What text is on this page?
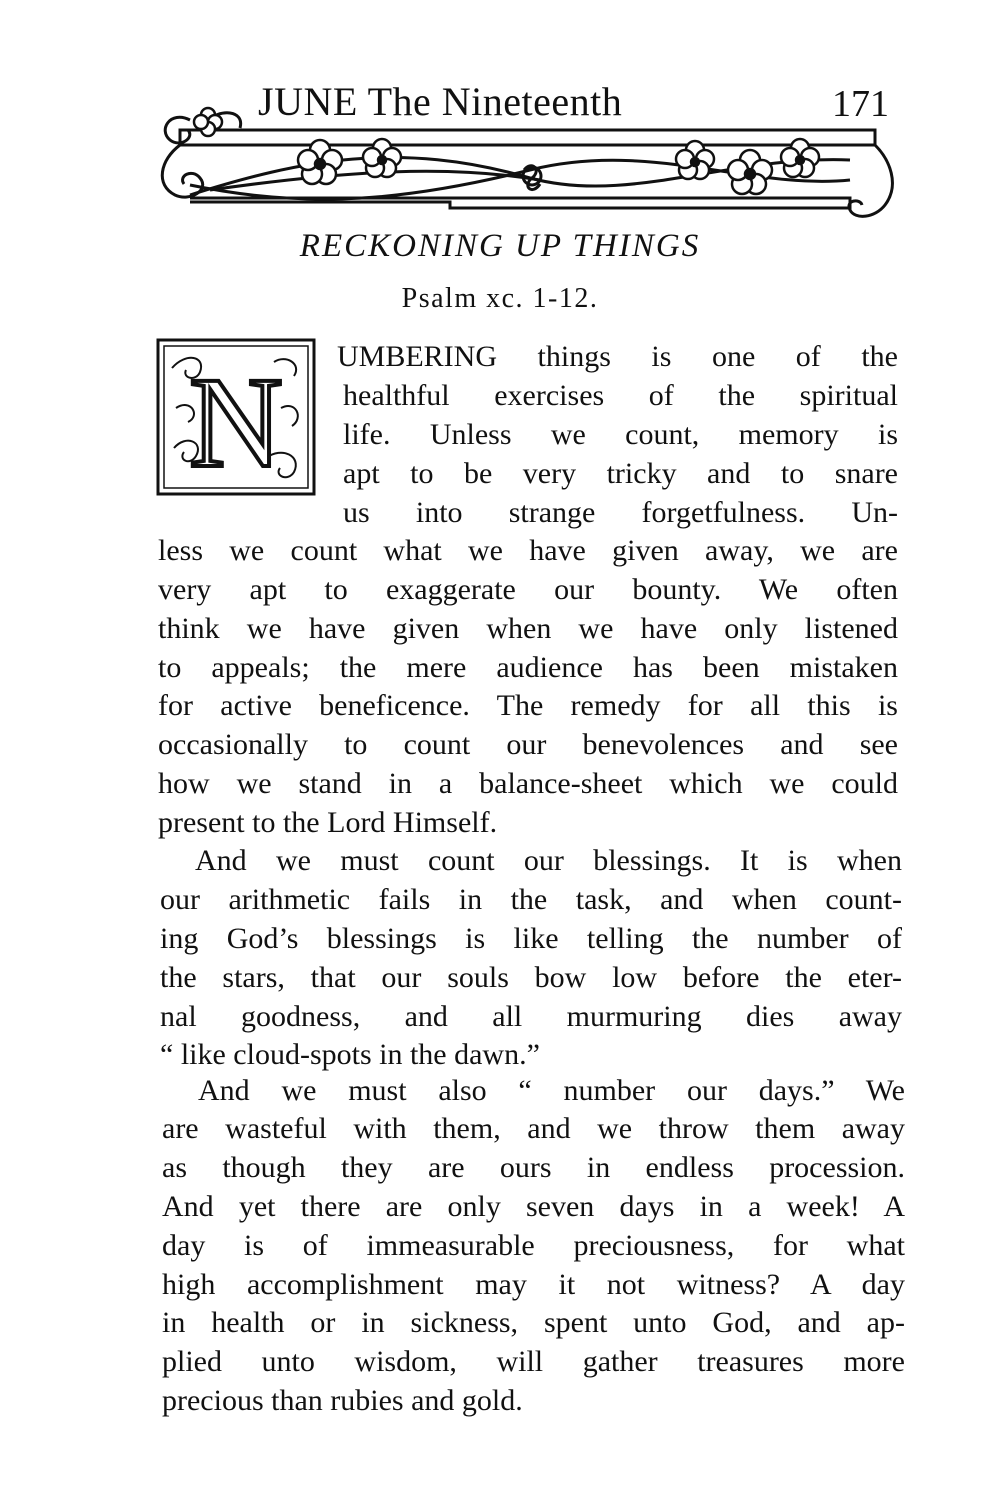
JUNE The Nineteenth	171
RECKONING UP THINGS
Psalm xc. 1-12.
N UMBERING things is one of the
healthful exercises of the spiritual
life. Unless we count, memory is
apt to be very tricky and to snare
us into strange forgetfulness. Un-
less we count what we have given away, we are
very apt to exaggerate our bounty. We often
think we have given when we have only listened
to appeals; the mere audience has been mistaken
for active beneficence. The remedy for all this is
occasionally to count our benevolences and see
how we stand in a balance-sheet which we could
present to the Lord Himself.
And we must count our blessings. It is when
our arithmetic fails in the task, and when count-
ing God’s blessings is like telling the number of
the stars, that our souls bow low before the eter-
nal goodness, and all murmuring dies away
“ like cloud-spots in the dawn.”
And we must also “ number our days.” We
are wasteful with them, and we throw them away
as though they are ours in endless procession.
And yet there are only seven days in a week! A
day is of immeasurable preciousness, for what
high accomplishment may it not witness? A day
in health or in sickness, spent unto God, and ap-
plied unto wisdom, will gather treasures more
precious than rubies and gold.
